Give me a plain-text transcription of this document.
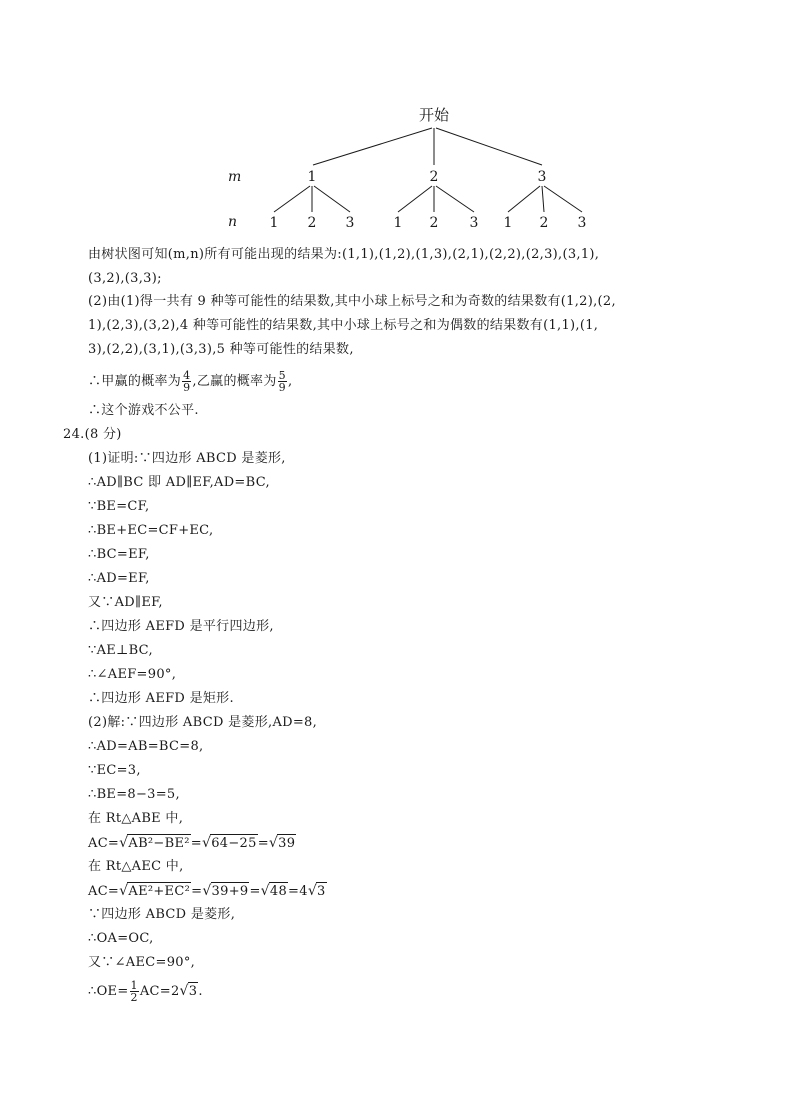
开始
m
n
1	2	3
1 2 3	1 2 3 1 2 3
由树状图可知(m,n)所有可能出现的结果为:(1,1),(1,2),(1,3),(2,1),(2,2),(2,3),(3,1),
(3,2),(3,3);
(2)由(1)得一共有 9 种等可能性的结果数,其中小球上标号之和为奇数的结果数有(1,2),(2,
1),(2,3),(3,2),4 种等可能性的结果数,其中小球上标号之和为偶数的结果数有(1,1),(1,
3),(2,2),(3,1),(3,3),5 种等可能性的结果数,
∴甲赢的概率为 $\frac{4}{9}$ ,乙赢的概率为 $\frac{5}{9}$ ,
∴这个游戏不公平.
24.(8 分)
(1)证明:∵四边形 ABCD 是菱形,
∴AD∥BC 即 AD∥EF,AD=BC,
∵BE=CF,
∴BE+EC=CF+EC,
∴BC=EF,
∴AD=EF,
又∵AD∥EF,
∴四边形 AEFD 是平行四边形,
∵AE⊥BC,
∴∠AEF=90°,
∴四边形 AEFD 是矩形.
(2)解:∵四边形 ABCD 是菱形,AD=8,
∴AD=AB=BC=8,
∵EC=3,
∴BE=8−3=5,
在 Rt△ABE 中,
AC=√AB²−BE²=√64−25=√39
在 Rt△AEC 中,
AC=√AE²+EC²=√39+9=√48=4√3
∵四边形 ABCD 是菱形,
∴OA=OC,
又∵∠AEC=90°,
∴OE= $\frac{1}{2} AC=2√3$.
